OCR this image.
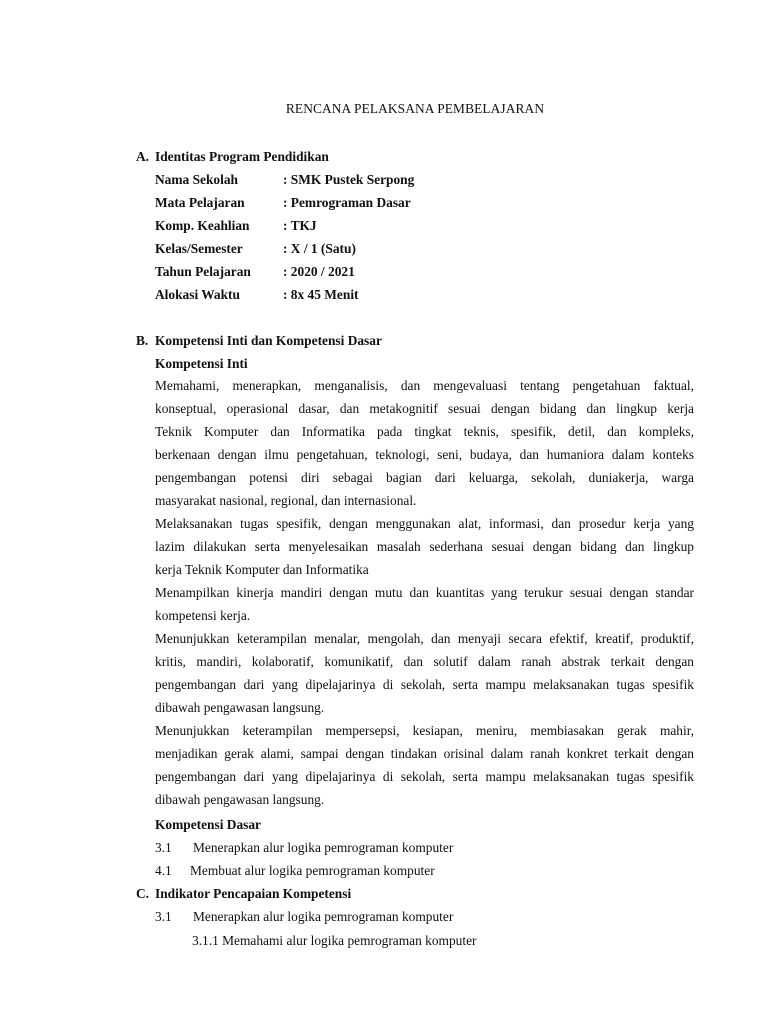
RENCANA PELAKSANA PEMBELAJARAN
A. Identitas Program Pendidikan
Nama Sekolah	: SMK Pustek Serpong
Mata Pelajaran	: Pemrograman Dasar
Komp. Keahlian	: TKJ
Kelas/Semester	: X / 1 (Satu)
Tahun Pelajaran : 2020 / 2021
Alokasi Waktu	: 8x 45 Menit
B. Kompetensi Inti dan Kompetensi Dasar
Kompetensi Inti
Memahami, menerapkan, menganalisis, dan mengevaluasi tentang pengetahuan faktual,
konseptual, operasional dasar, dan metakognitif sesuai dengan bidang dan lingkup kerja
Teknik Komputer dan Informatika pada tingkat teknis, spesifik, detil, dan kompleks,
berkenaan dengan ilmu pengetahuan, teknologi, seni, budaya, dan humaniora dalam konteks
pengembangan potensi diri sebagai bagian dari keluarga, sekolah, duniakerja, warga
masyarakat nasional, regional, dan internasional.
Melaksanakan tugas spesifik, dengan menggunakan alat, informasi, dan prosedur kerja yang
lazim dilakukan serta menyelesaikan masalah sederhana sesuai dengan bidang dan lingkup
kerja Teknik Komputer dan Informatika
Menampilkan kinerja mandiri dengan mutu dan kuantitas yang terukur sesuai dengan standar
kompetensi kerja.
Menunjukkan keterampilan menalar, mengolah, dan menyaji secara efektif, kreatif, produktif,
kritis, mandiri, kolaboratif, komunikatif, dan solutif dalam ranah abstrak terkait dengan
pengembangan dari yang dipelajarinya di sekolah, serta mampu melaksanakan tugas spesifik
dibawah pengawasan langsung.
Menunjukkan keterampilan mempersepsi, kesiapan, meniru, membiasakan gerak mahir,
menjadikan gerak alami, sampai dengan tindakan orisinal dalam ranah konkret terkait dengan
pengembangan dari yang dipelajarinya di sekolah, serta mampu melaksanakan tugas spesifik
dibawah pengawasan langsung.
Kompetensi Dasar
3.1 Menerapkan alur logika pemrograman komputer
4.1 Membuat alur logika pemrograman komputer
C. Indikator Pencapaian Kompetensi
3.1 Menerapkan alur logika pemrograman komputer
3.1.1 Memahami alur logika pemrograman komputer
